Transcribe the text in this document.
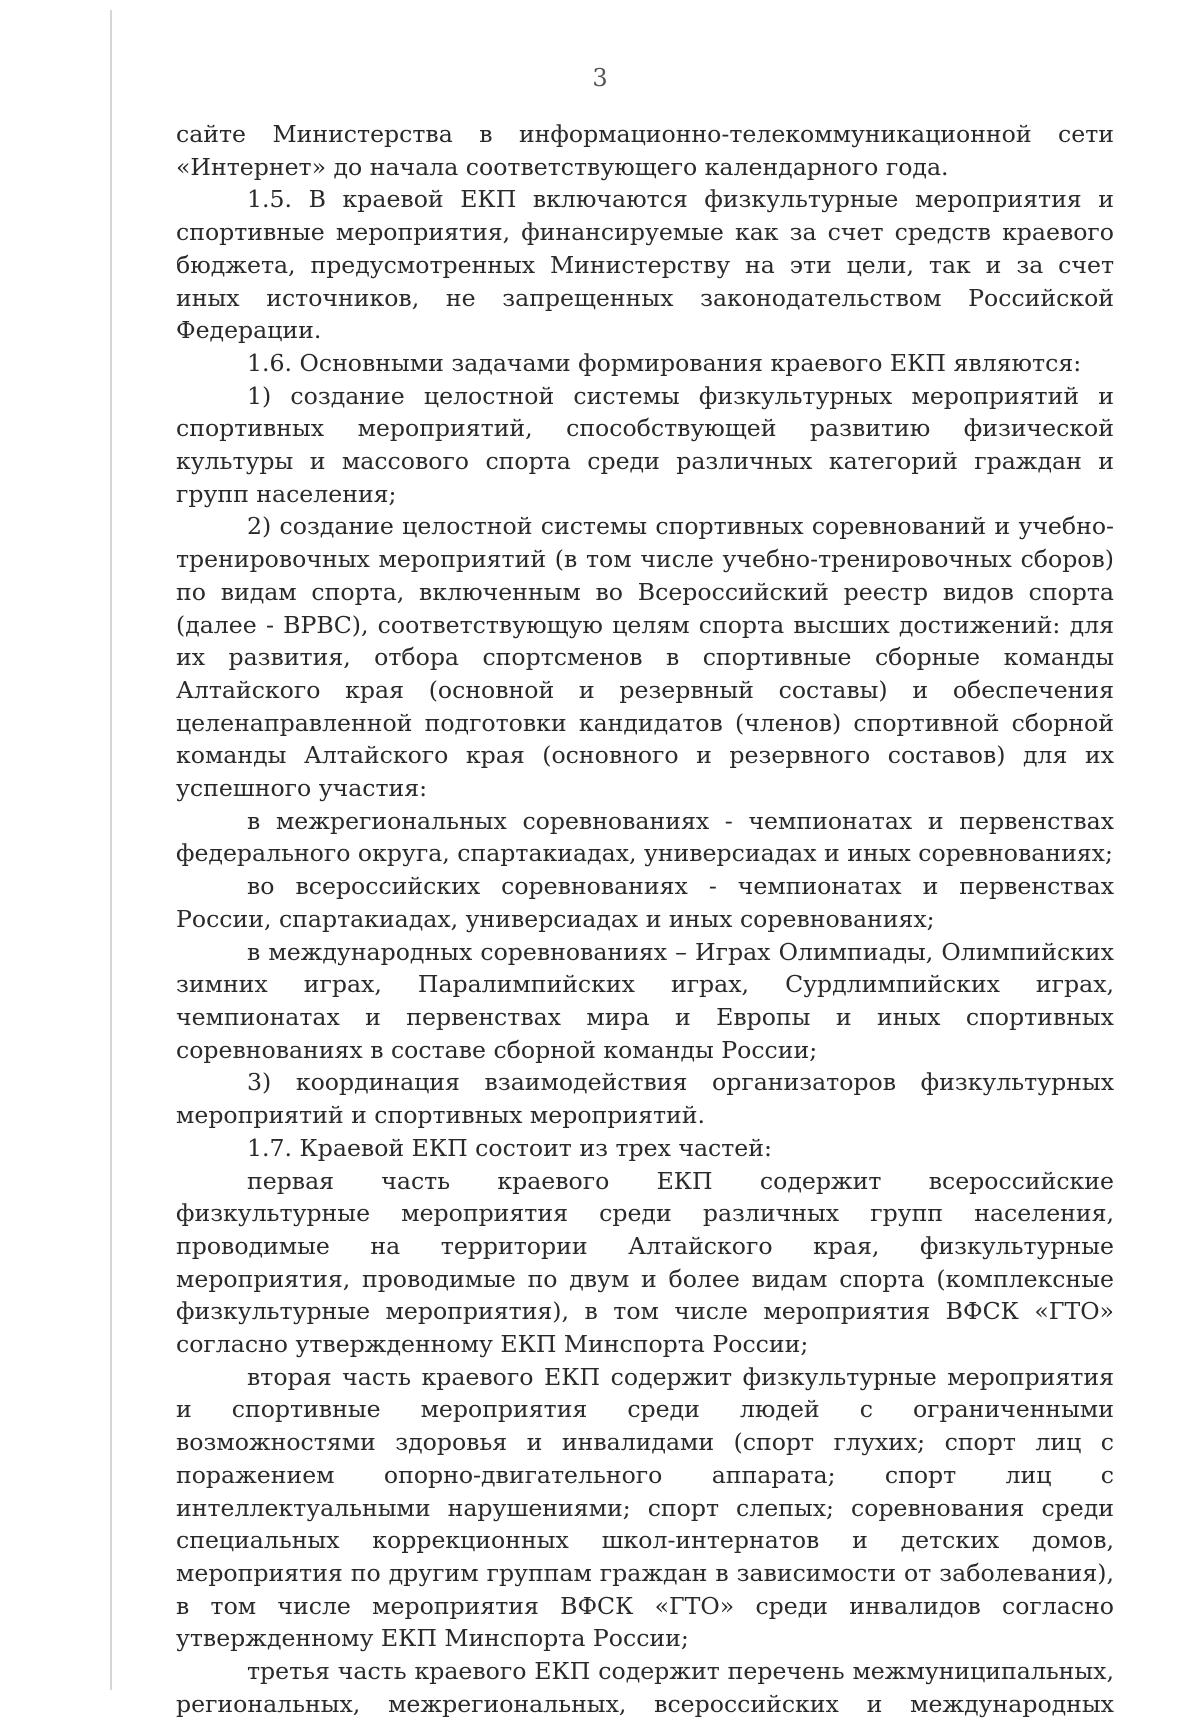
3

сайте Министерства в информационно-телекоммуникационной сети «Интернет» до начала соответствующего календарного года.

1.5. В краевой ЕКП включаются физкультурные мероприятия и спортивные мероприятия, финансируемые как за счет средств краевого бюджета, предусмотренных Министерству на эти цели, так и за счет иных источников, не запрещенных законодательством Российской Федерации.

1.6. Основными задачами формирования краевого ЕКП являются:

1) создание целостной системы физкультурных мероприятий и спортивных мероприятий, способствующей развитию физической культуры и массового спорта среди различных категорий граждан и групп населения;

2) создание целостной системы спортивных соревнований и учебно-тренировочных мероприятий (в том числе учебно-тренировочных сборов) по видам спорта, включенным во Всероссийский реестр видов спорта (далее - ВРВС), соответствующую целям спорта высших достижений: для их развития, отбора спортсменов в спортивные сборные команды Алтайского края (основной и резервный составы) и обеспечения целенаправленной подготовки кандидатов (членов) спортивной сборной команды Алтайского края (основного и резервного составов) для их успешного участия:

в межрегиональных соревнованиях - чемпионатах и первенствах федерального округа, спартакиадах, универсиадах и иных соревнованиях;

во всероссийских соревнованиях - чемпионатах и первенствах России, спартакиадах, универсиадах и иных соревнованиях;

в международных соревнованиях – Играх Олимпиады, Олимпийских зимних играх, Паралимпийских играх, Сурдлимпийских играх, чемпионатах и первенствах мира и Европы и иных спортивных соревнованиях в составе сборной команды России;

3) координация взаимодействия организаторов физкультурных мероприятий и спортивных мероприятий.

1.7. Краевой ЕКП состоит из трех частей:

первая часть краевого ЕКП содержит всероссийские физкультурные мероприятия среди различных групп населения, проводимые на территории Алтайского края, физкультурные мероприятия, проводимые по двум и более видам спорта (комплексные физкультурные мероприятия), в том числе мероприятия ВФСК «ГТО» согласно утвержденному ЕКП Минспорта России;

вторая часть краевого ЕКП содержит физкультурные мероприятия и спортивные мероприятия среди людей с ограниченными возможностями здоровья и инвалидами (спорт глухих; спорт лиц с поражением опорно-двигательного аппарата; спорт лиц с интеллектуальными нарушениями; спорт слепых; соревнования среди специальных коррекционных школ-интернатов и детских домов, мероприятия по другим группам граждан в зависимости от заболевания), в том числе мероприятия ВФСК «ГТО» среди инвалидов согласно утвержденному ЕКП Минспорта России;

третья часть краевого ЕКП содержит перечень межмуниципальных, региональных, межрегиональных, всероссийских и международных
